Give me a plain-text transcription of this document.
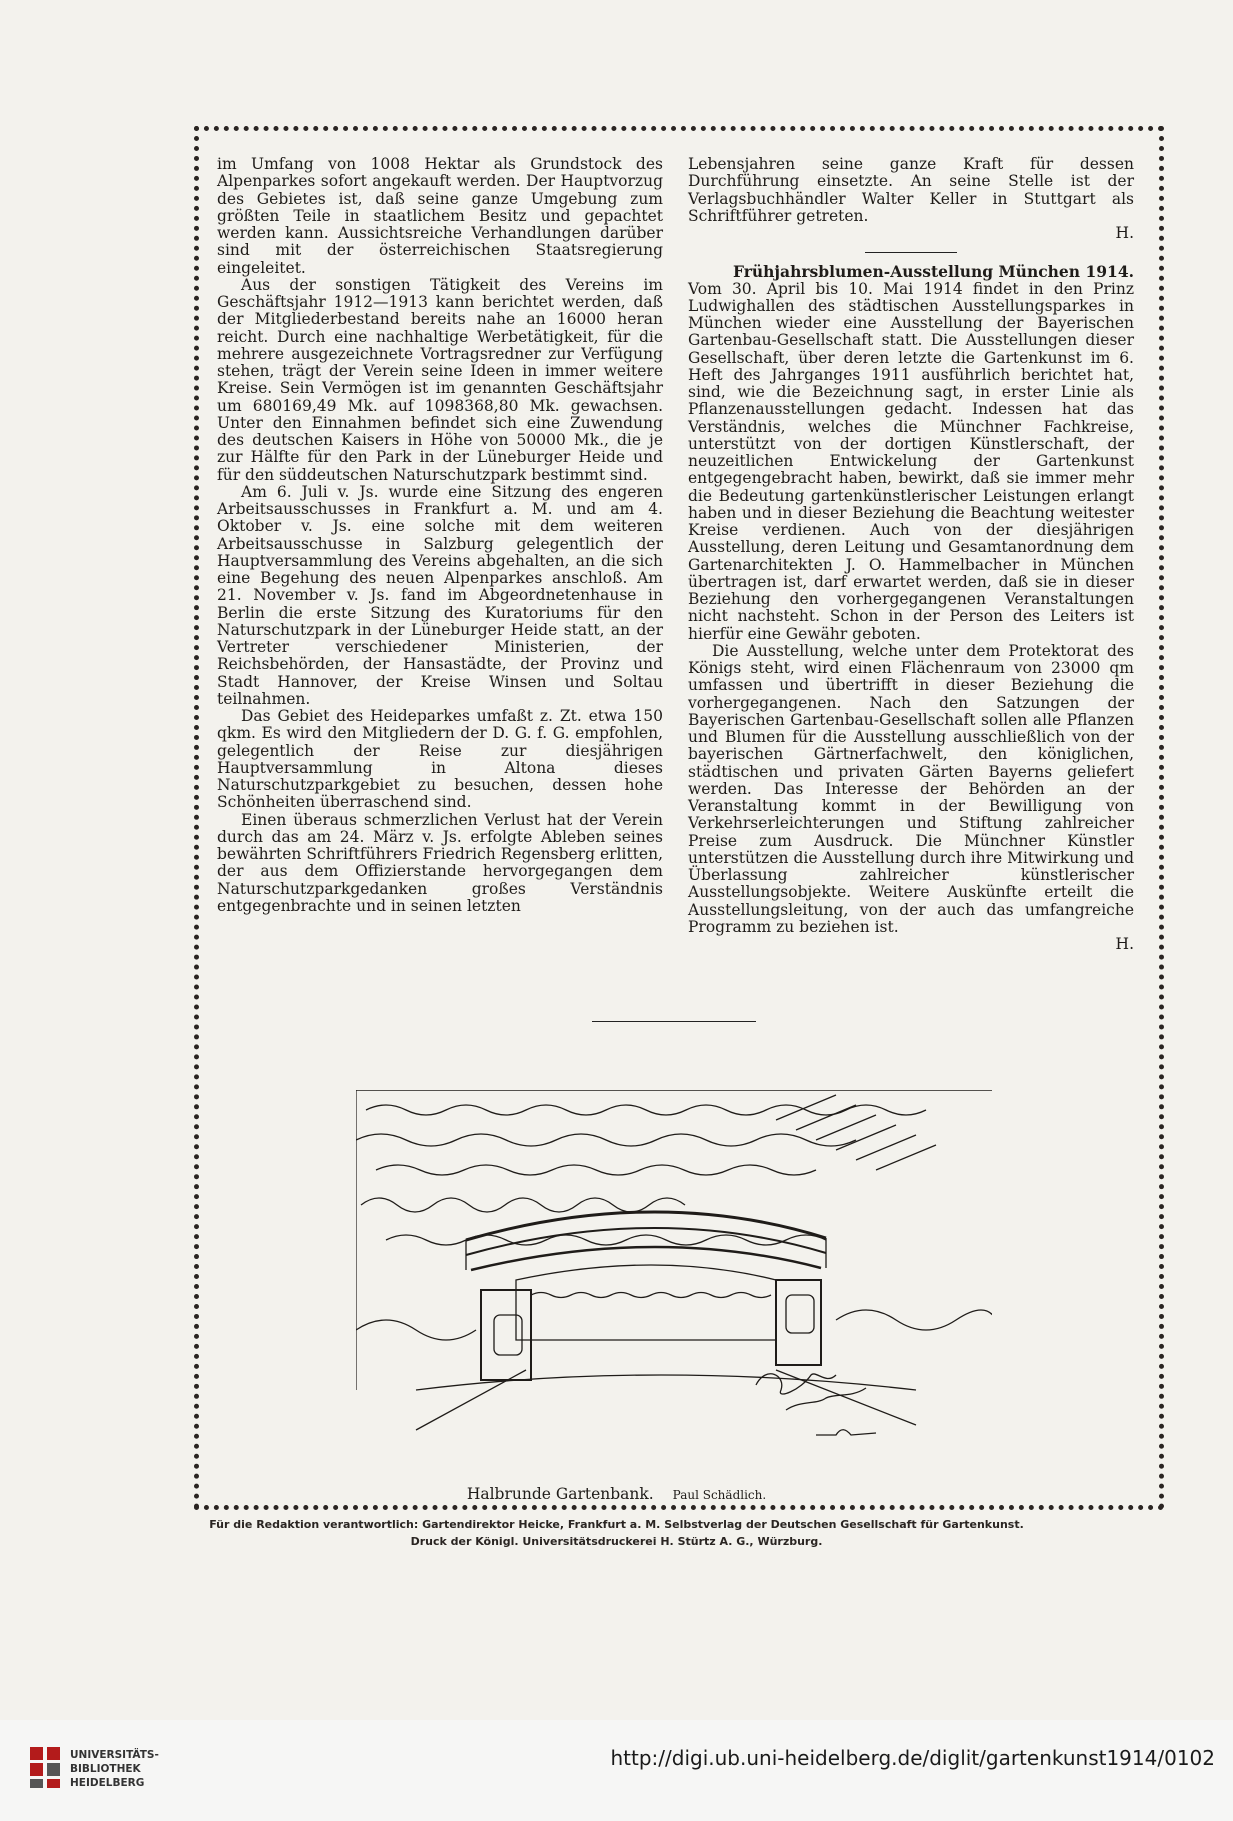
im Umfang von 1008 Hektar als Grundstock des Alpenparkes sofort angekauft werden. Der Hauptvorzug des Gebietes ist, daß seine ganze Umgebung zum größten Teile in staatlichem Besitz und gepachtet werden kann. Aussichtsreiche Verhandlungen darüber sind mit der österreichischen Staatsregierung eingeleitet.

Aus der sonstigen Tätigkeit des Vereins im Geschäftsjahr 1912—1913 kann berichtet werden, daß der Mitgliederbestand bereits nahe an 16000 heran reicht. Durch eine nachhaltige Werbetätigkeit, für die mehrere ausgezeichnete Vortragsredner zur Verfügung stehen, trägt der Verein seine Ideen in immer weitere Kreise. Sein Vermögen ist im genannten Geschäftsjahr um 680169,49 Mk. auf 1098368,80 Mk. gewachsen. Unter den Einnahmen befindet sich eine Zuwendung des deutschen Kaisers in Höhe von 50000 Mk., die je zur Hälfte für den Park in der Lüneburger Heide und für den süddeutschen Naturschutzpark bestimmt sind.

Am 6. Juli v. Js. wurde eine Sitzung des engeren Arbeitsausschusses in Frankfurt a. M. und am 4. Oktober v. Js. eine solche mit dem weiteren Arbeitsausschusse in Salzburg gelegentlich der Hauptversammlung des Vereins abgehalten, an die sich eine Begehung des neuen Alpenparkes anschloß. Am 21. November v. Js. fand im Abgeordnetenhause in Berlin die erste Sitzung des Kuratoriums für den Naturschutzpark in der Lüneburger Heide statt, an der Vertreter verschiedener Ministerien, der Reichsbehörden, der Hansastädte, der Provinz und Stadt Hannover, der Kreise Winsen und Soltau teilnahmen.

Das Gebiet des Heideparkes umfaßt z. Zt. etwa 150 qkm. Es wird den Mitgliedern der D. G. f. G. empfohlen, gelegentlich der Reise zur diesjährigen Hauptversammlung in Altona dieses Naturschutzparkgebiet zu besuchen, dessen hohe Schönheiten überraschend sind.

Einen überaus schmerzlichen Verlust hat der Verein durch das am 24. März v. Js. erfolgte Ableben seines bewährten Schriftführers Friedrich Regensberg erlitten, der aus dem Offizierstande hervorgegangen dem Naturschutzparkgedanken großes Verständnis entgegenbrachte und in seinen letzten

Lebensjahren seine ganze Kraft für dessen Durchführung einsetzte. An seine Stelle ist der Verlagsbuchhändler Walter Keller in Stuttgart als Schriftführer getreten.

H.

Frühjahrsblumen-Ausstellung München 1914.

Vom 30. April bis 10. Mai 1914 findet in den Prinz Ludwighallen des städtischen Ausstellungsparkes in München wieder eine Ausstellung der Bayerischen Gartenbau-Gesellschaft statt. Die Ausstellungen dieser Gesellschaft, über deren letzte die Gartenkunst im 6. Heft des Jahrganges 1911 ausführlich berichtet hat, sind, wie die Bezeichnung sagt, in erster Linie als Pflanzenausstellungen gedacht. Indessen hat das Verständnis, welches die Münchner Fachkreise, unterstützt von der dortigen Künstlerschaft, der neuzeitlichen Entwickelung der Gartenkunst entgegengebracht haben, bewirkt, daß sie immer mehr die Bedeutung gartenkünstlerischer Leistungen erlangt haben und in dieser Beziehung die Beachtung weitester Kreise verdienen. Auch von der diesjährigen Ausstellung, deren Leitung und Gesamtanordnung dem Gartenarchitekten J. O. Hammelbacher in München übertragen ist, darf erwartet werden, daß sie in dieser Beziehung den vorhergegangenen Veranstaltungen nicht nachsteht. Schon in der Person des Leiters ist hierfür eine Gewähr geboten.

Die Ausstellung, welche unter dem Protektorat des Königs steht, wird einen Flächenraum von 23000 qm umfassen und übertrifft in dieser Beziehung die vorhergegangenen. Nach den Satzungen der Bayerischen Gartenbau-Gesellschaft sollen alle Pflanzen und Blumen für die Ausstellung ausschließlich von der bayerischen Gärtnerfachwelt, den königlichen, städtischen und privaten Gärten Bayerns geliefert werden. Das Interesse der Behörden an der Veranstaltung kommt in der Bewilligung von Verkehrserleichterungen und Stiftung zahlreicher Preise zum Ausdruck. Die Münchner Künstler unterstützen die Ausstellung durch ihre Mitwirkung und Überlassung zahlreicher künstlerischer Ausstellungsobjekte. Weitere Auskünfte erteilt die Ausstellungsleitung, von der auch das umfangreiche Programm zu beziehen ist.

H.

Halbrunde Gartenbank. Paul Schädlich.
Für die Redaktion verantwortlich: Gartendirektor Heicke, Frankfurt a. M. Selbstverlag der Deutschen Gesellschaft für Gartenkunst.
Druck der Königl. Universitätsdruckerei H. Stürtz A. G., Würzburg.
UNIVERSITÄTS-
BIBLIOTHEK
HEIDELBERG
http://digi.ub.uni-heidelberg.de/diglit/gartenkunst1914/0102
